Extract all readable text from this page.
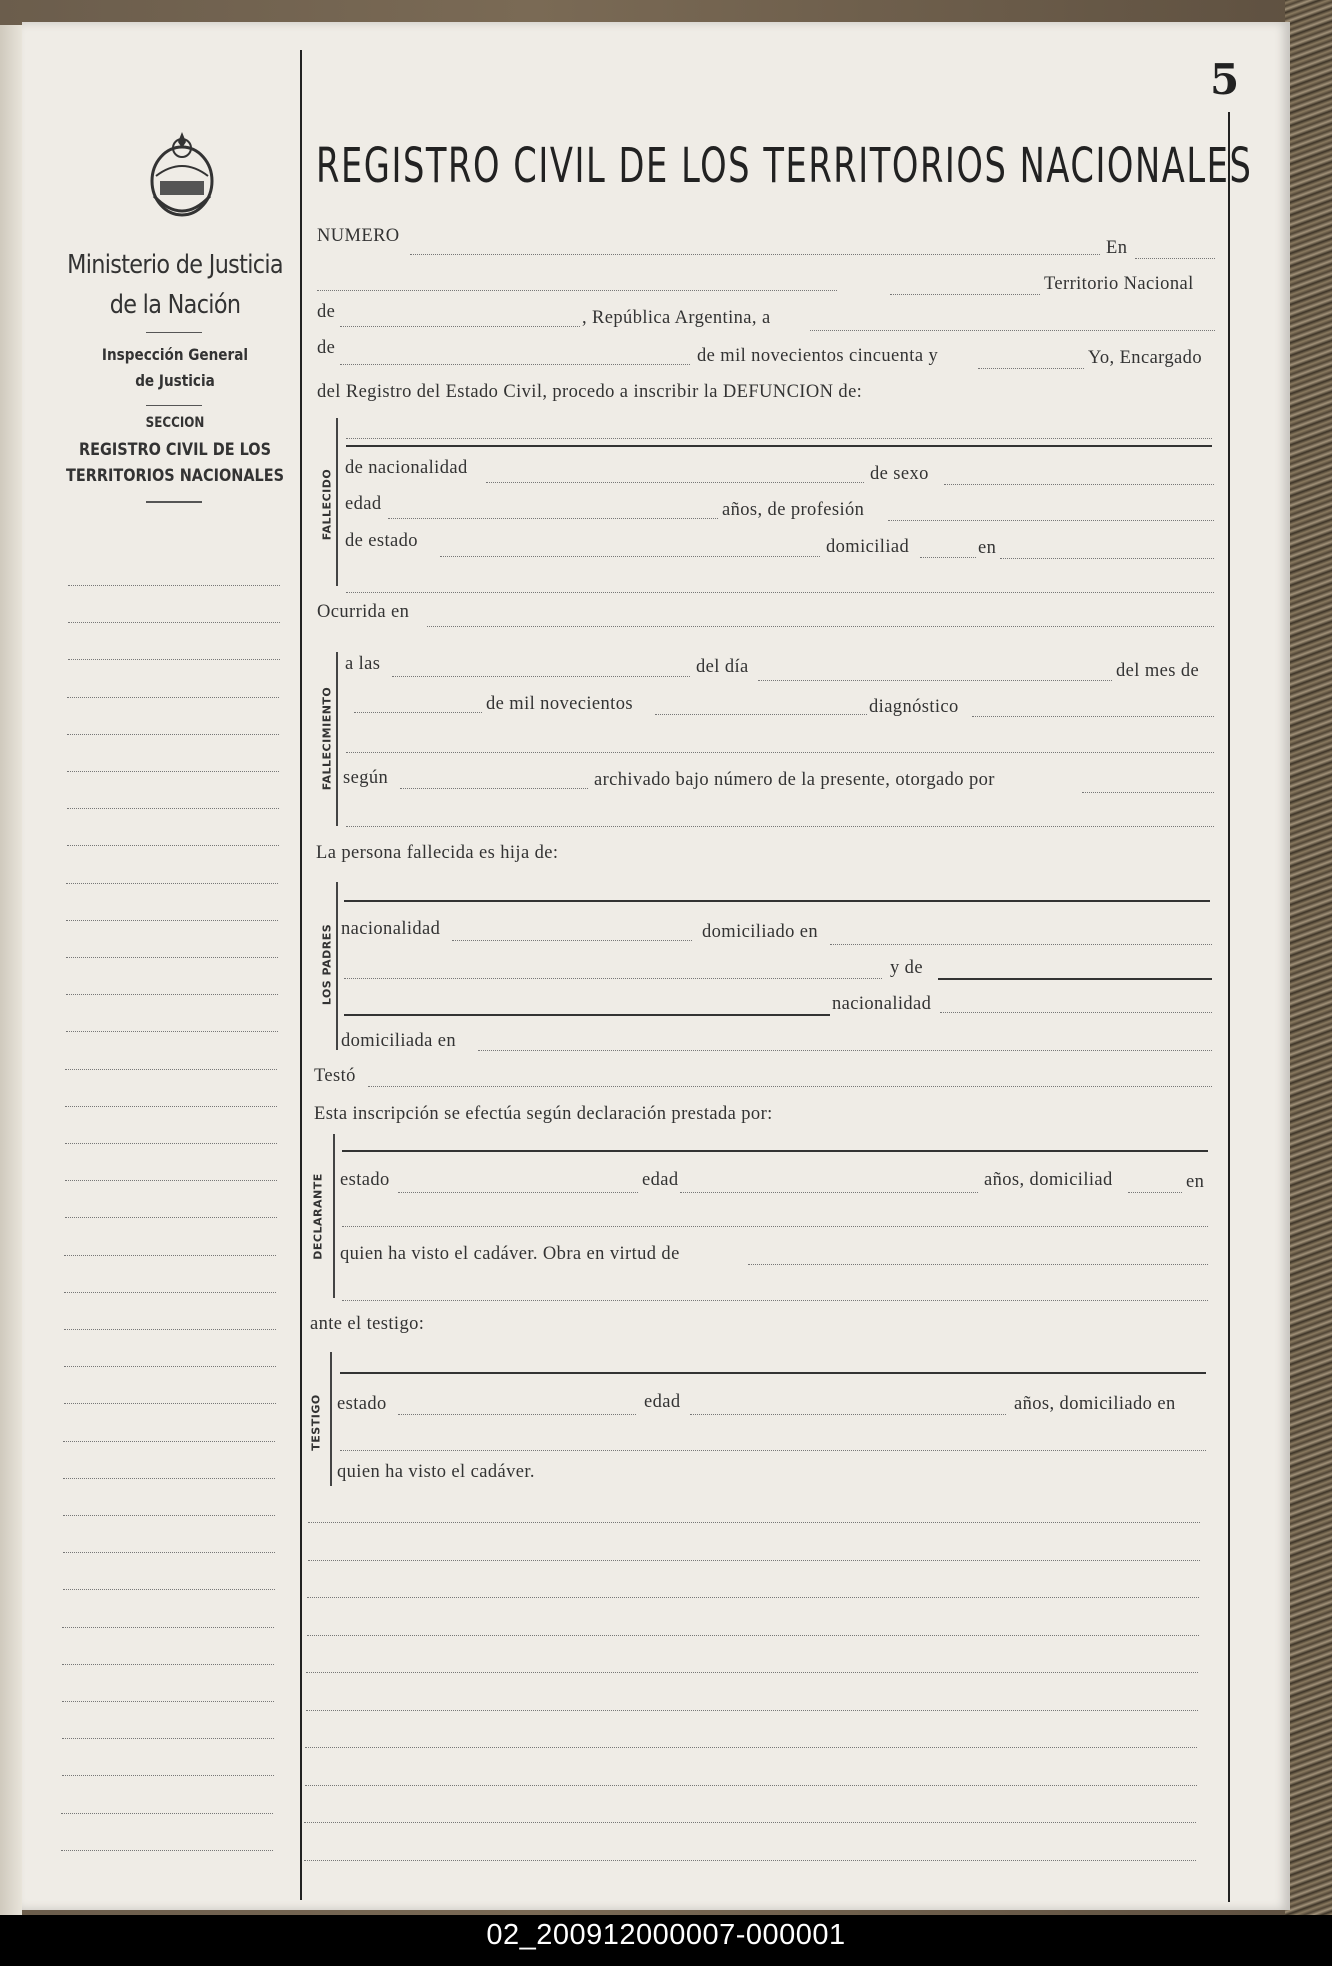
5
Ministerio de Justicia
de la Nación
Inspección General
de Justicia
SECCION
REGISTRO CIVIL DE LOS
TERRITORIOS NACIONALES
REGISTRO CIVIL DE LOS TERRITORIOS NACIONALES
NUMERO
En
Territorio Nacional
de	, República Argentina, a
de	de mil novecientos cincuenta y	Yo, Encargado
del Registro del Estado Civil, procedo a inscribir la DEFUNCION de:
FALLECIDO
de nacionalidad	de sexo
edad	años, de profesión
de estado	domiciliad	en
Ocurrida en
FALLECIMIENTO
a las	del día	del mes de
de mil novecientos	diagnóstico
según	archivado bajo número de la presente, otorgado por
La persona fallecida es hija de:
LOS PADRES nacionalidad	domiciliado en
y de
nacionalidad
domiciliada en
Testó
Esta inscripción se efectúa según declaración prestada por:
DECLARANTE estado	edad	años, domiciliad	en
quien ha visto el cadáver. Obra en virtud de
ante el testigo:
TESTIGO estado	edad	años, domiciliado en
quien ha visto el cadáver.
02_200912000007-000001
